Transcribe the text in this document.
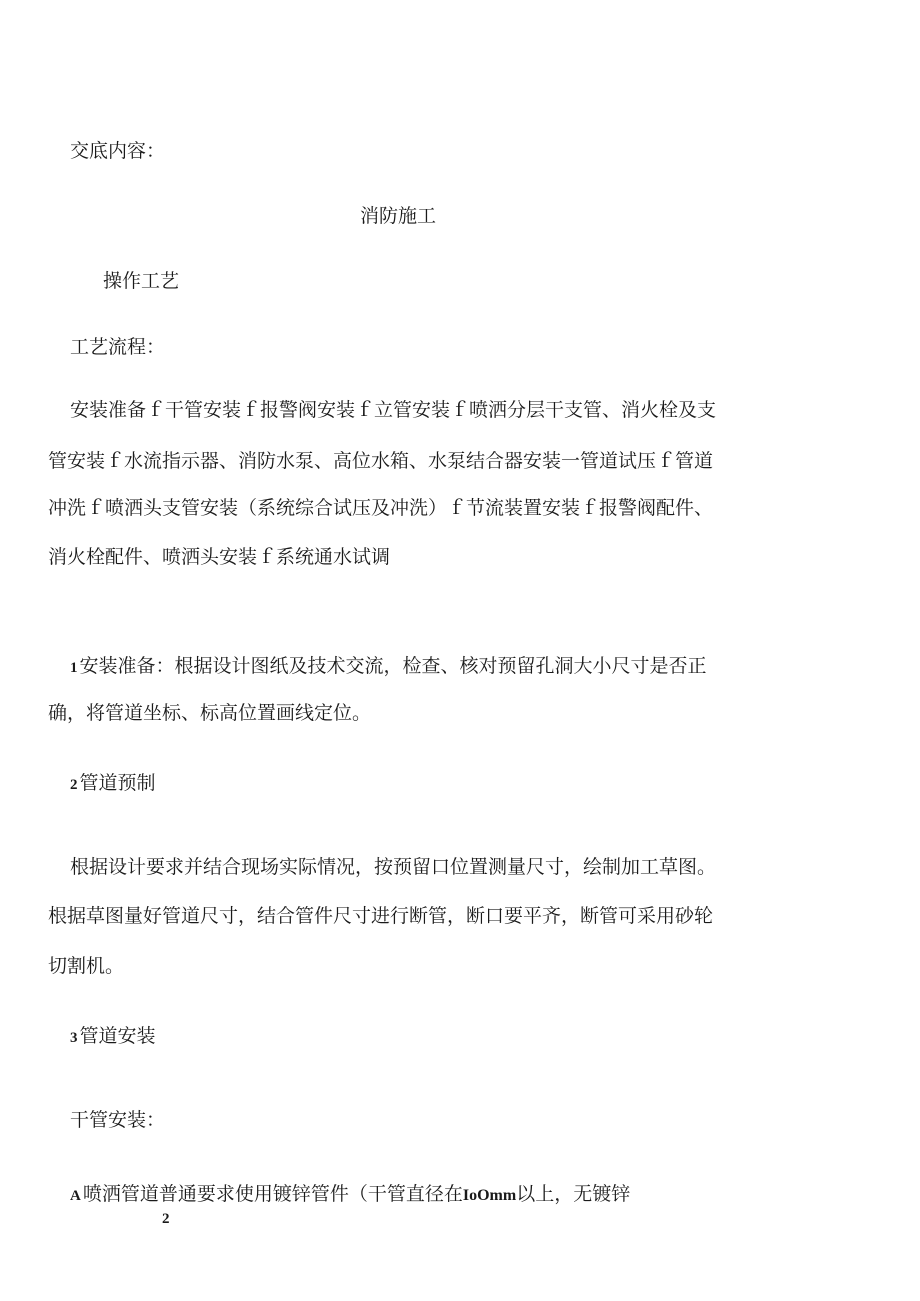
交底内容：
消防施工
操作工艺
工艺流程：
安装准备ｆ干管安装ｆ报警阀安装ｆ立管安装ｆ喷洒分层干支管、消火栓及支
管安装ｆ水流指示器、消防水泵、高位水箱、水泵结合器安装一管道试压ｆ管道
冲洗ｆ喷洒头支管安装（系统综合试压及冲洗）ｆ节流装置安装ｆ报警阀配件、
消火栓配件、喷洒头安装ｆ系统通水试调
1 安装准备：根据设计图纸及技术交流，检查、核对预留孔洞大小尺寸是否正
确，将管道坐标、标高位置画线定位。
2 管道预制
根据设计要求并结合现场实际情况，按预留口位置测量尺寸，绘制加工草图。
根据草图量好管道尺寸，结合管件尺寸进行断管，断口要平齐，断管可采用砂轮
切割机。
3 管道安装
干管安装：
A 喷洒管道普通要求使用镀锌管件（干管直径在IoOmm以上，无镀锌
2
